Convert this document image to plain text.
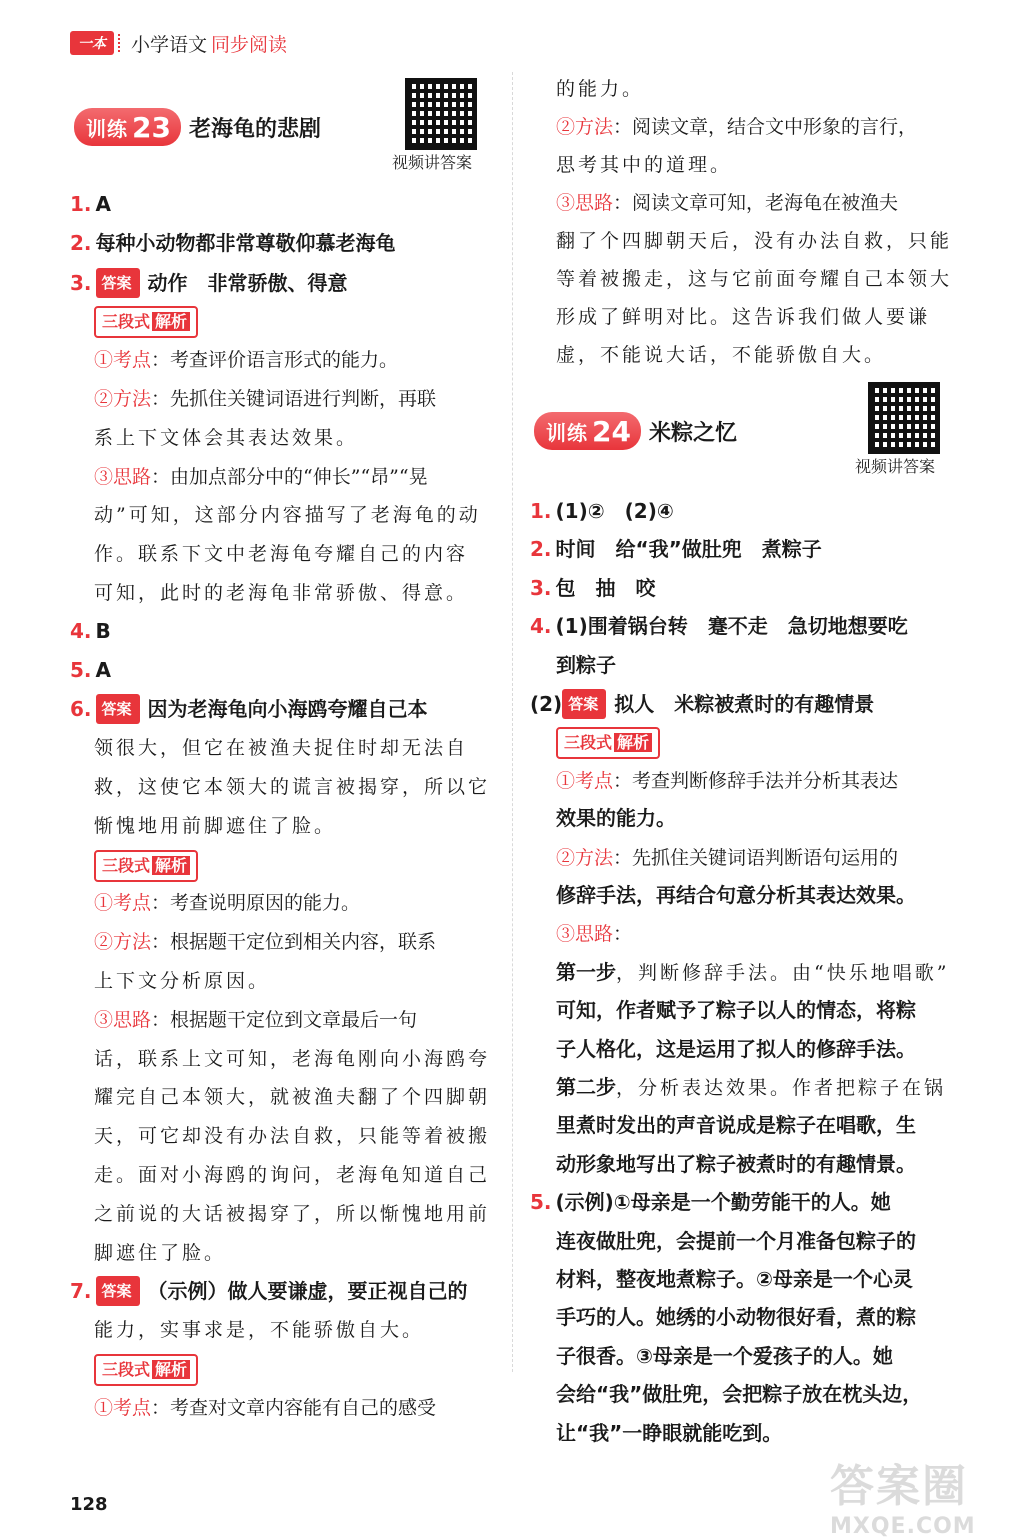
一本	小学语文 同步阅读
训练 23 老海龟的悲剧
视频讲答案
1. A
2. 每种小动物都非常尊敬仰慕老海龟
3. 答案 动作　非常骄傲、得意
三段式 解析
①考点：考查评价语言形式的能力。
②方法：先抓住关键词语进行判断，再联
系上下文体会其表达效果。
③思路：由加点部分中的“伸长”“昂”“晃
动”可知，这部分内容描写了老海龟的动
作。联系下文中老海龟夸耀自己的内容
可知，此时的老海龟非常骄傲、得意。
4. B
5. A
6. 答案 因为老海龟向小海鸥夸耀自己本
领很大，但它在被渔夫捉住时却无法自
救，这使它本领大的谎言被揭穿，所以它
惭愧地用前脚遮住了脸。
三段式 解析
①考点：考查说明原因的能力。
②方法：根据题干定位到相关内容，联系
上下文分析原因。
③思路：根据题干定位到文章最后一句
话，联系上文可知，老海龟刚向小海鸥夸
耀完自己本领大，就被渔夫翻了个四脚朝
天，可它却没有办法自救，只能等着被搬
走。面对小海鸥的询问，老海龟知道自己
之前说的大话被揭穿了，所以惭愧地用前
脚遮住了脸。
7. 答案 （示例）做人要谦虚，要正视自己的
能力，实事求是，不能骄傲自大。
三段式 解析
①考点：考查对文章内容能有自己的感受
的能力。
②方法：阅读文章，结合文中形象的言行，
思考其中的道理。
③思路：阅读文章可知，老海龟在被渔夫
翻了个四脚朝天后，没有办法自救，只能
等着被搬走，这与它前面夸耀自己本领大
形成了鲜明对比。这告诉我们做人要谦
虚，不能说大话，不能骄傲自大。
训练 24 米粽之忆
视频讲答案
1. (1)②　(2)④
2. 时间　给“我”做肚兜　煮粽子
3. 包　抽　咬
4. (1)围着锅台转　蹇不走　急切地想要吃
到粽子
(2) 答案 拟人　米粽被煮时的有趣情景
三段式 解析
①考点：考查判断修辞手法并分析其表达
效果的能力。
②方法：先抓住关键词语判断语句运用的
修辞手法，再结合句意分析其表达效果。
③思路：
第一步，判断修辞手法。由“快乐地唱歌”
可知，作者赋予了粽子以人的情态，将粽
子人格化，这是运用了拟人的修辞手法。
第二步，分析表达效果。作者把粽子在锅
里煮时发出的声音说成是粽子在唱歌，生
动形象地写出了粽子被煮时的有趣情景。
5. (示例)①母亲是一个勤劳能干的人。她
连夜做肚兜，会提前一个月准备包粽子的
材料，整夜地煮粽子。②母亲是一个心灵
手巧的人。她绣的小动物很好看，煮的粽
子很香。③母亲是一个爱孩子的人。她
会给“我”做肚兜，会把粽子放在枕头边，
让“我”一睁眼就能吃到。
128	答案圈
MXQE.COM
